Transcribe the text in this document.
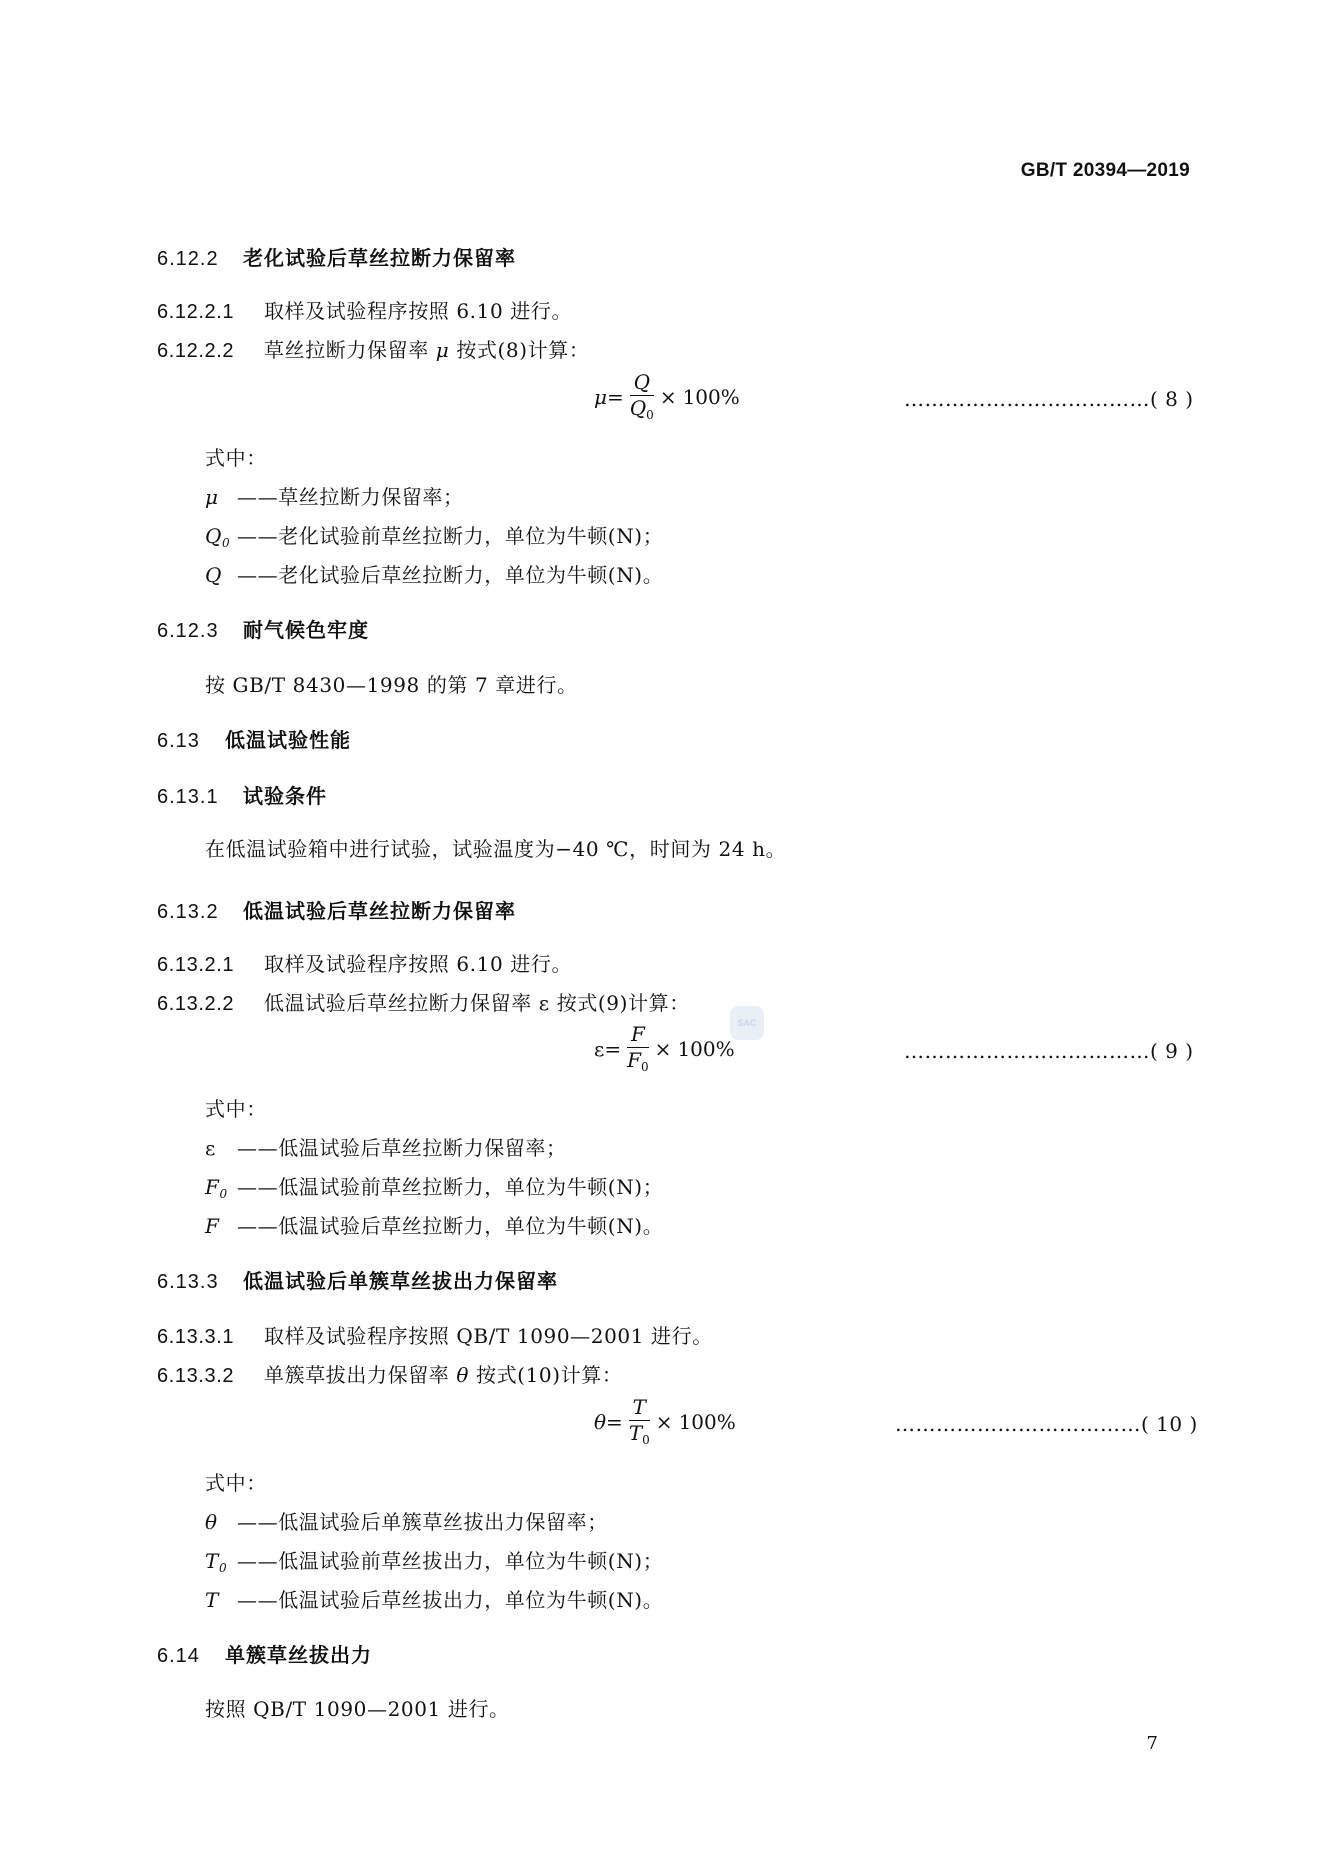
GB/T 20394—2019
6.12.2 老化试验后草丝拉断力保留率
6.12.2.1 取样及试验程序按照 6.10 进行。
6.12.2.2 草丝拉断力保留率 μ 按式(8)计算：
$\mu = \frac{Q}{Q_0} \times 100\%$	………………………………( 8 )
式中：
μ ——草丝拉断力保留率；
$Q_0$ ——老化试验前草丝拉断力，单位为牛顿(N)；
Q ——老化试验后草丝拉断力，单位为牛顿(N)。
6.12.3 耐气候色牢度
按 GB/T 8430—1998 的第 7 章进行。
6.13 低温试验性能
6.13.1 试验条件
在低温试验箱中进行试验，试验温度为−40 ℃，时间为 24 h。
6.13.2 低温试验后草丝拉断力保留率
6.13.2.1 取样及试验程序按照 6.10 进行。
6.13.2.2 低温试验后草丝拉断力保留率 ε 按式(9)计算：
SAC
$\varepsilon = \frac{F}{F_0} \times 100\%$	………………………………( 9 )
式中：
ε ——低温试验后草丝拉断力保留率；
$F_0$ ——低温试验前草丝拉断力，单位为牛顿(N)；
F ——低温试验后草丝拉断力，单位为牛顿(N)。
6.13.3 低温试验后单簇草丝拔出力保留率
6.13.3.1 取样及试验程序按照 QB/T 1090—2001 进行。
6.13.3.2 单簇草拔出力保留率 θ 按式(10)计算：
$\theta = \frac{T}{T_0} \times 100\%$	………………………………( 10 )
式中：
θ ——低温试验后单簇草丝拔出力保留率；
$T_0$ ——低温试验前草丝拔出力，单位为牛顿(N)；
T ——低温试验后草丝拔出力，单位为牛顿(N)。
6.14 单簇草丝拔出力
按照 QB/T 1090—2001 进行。
7
